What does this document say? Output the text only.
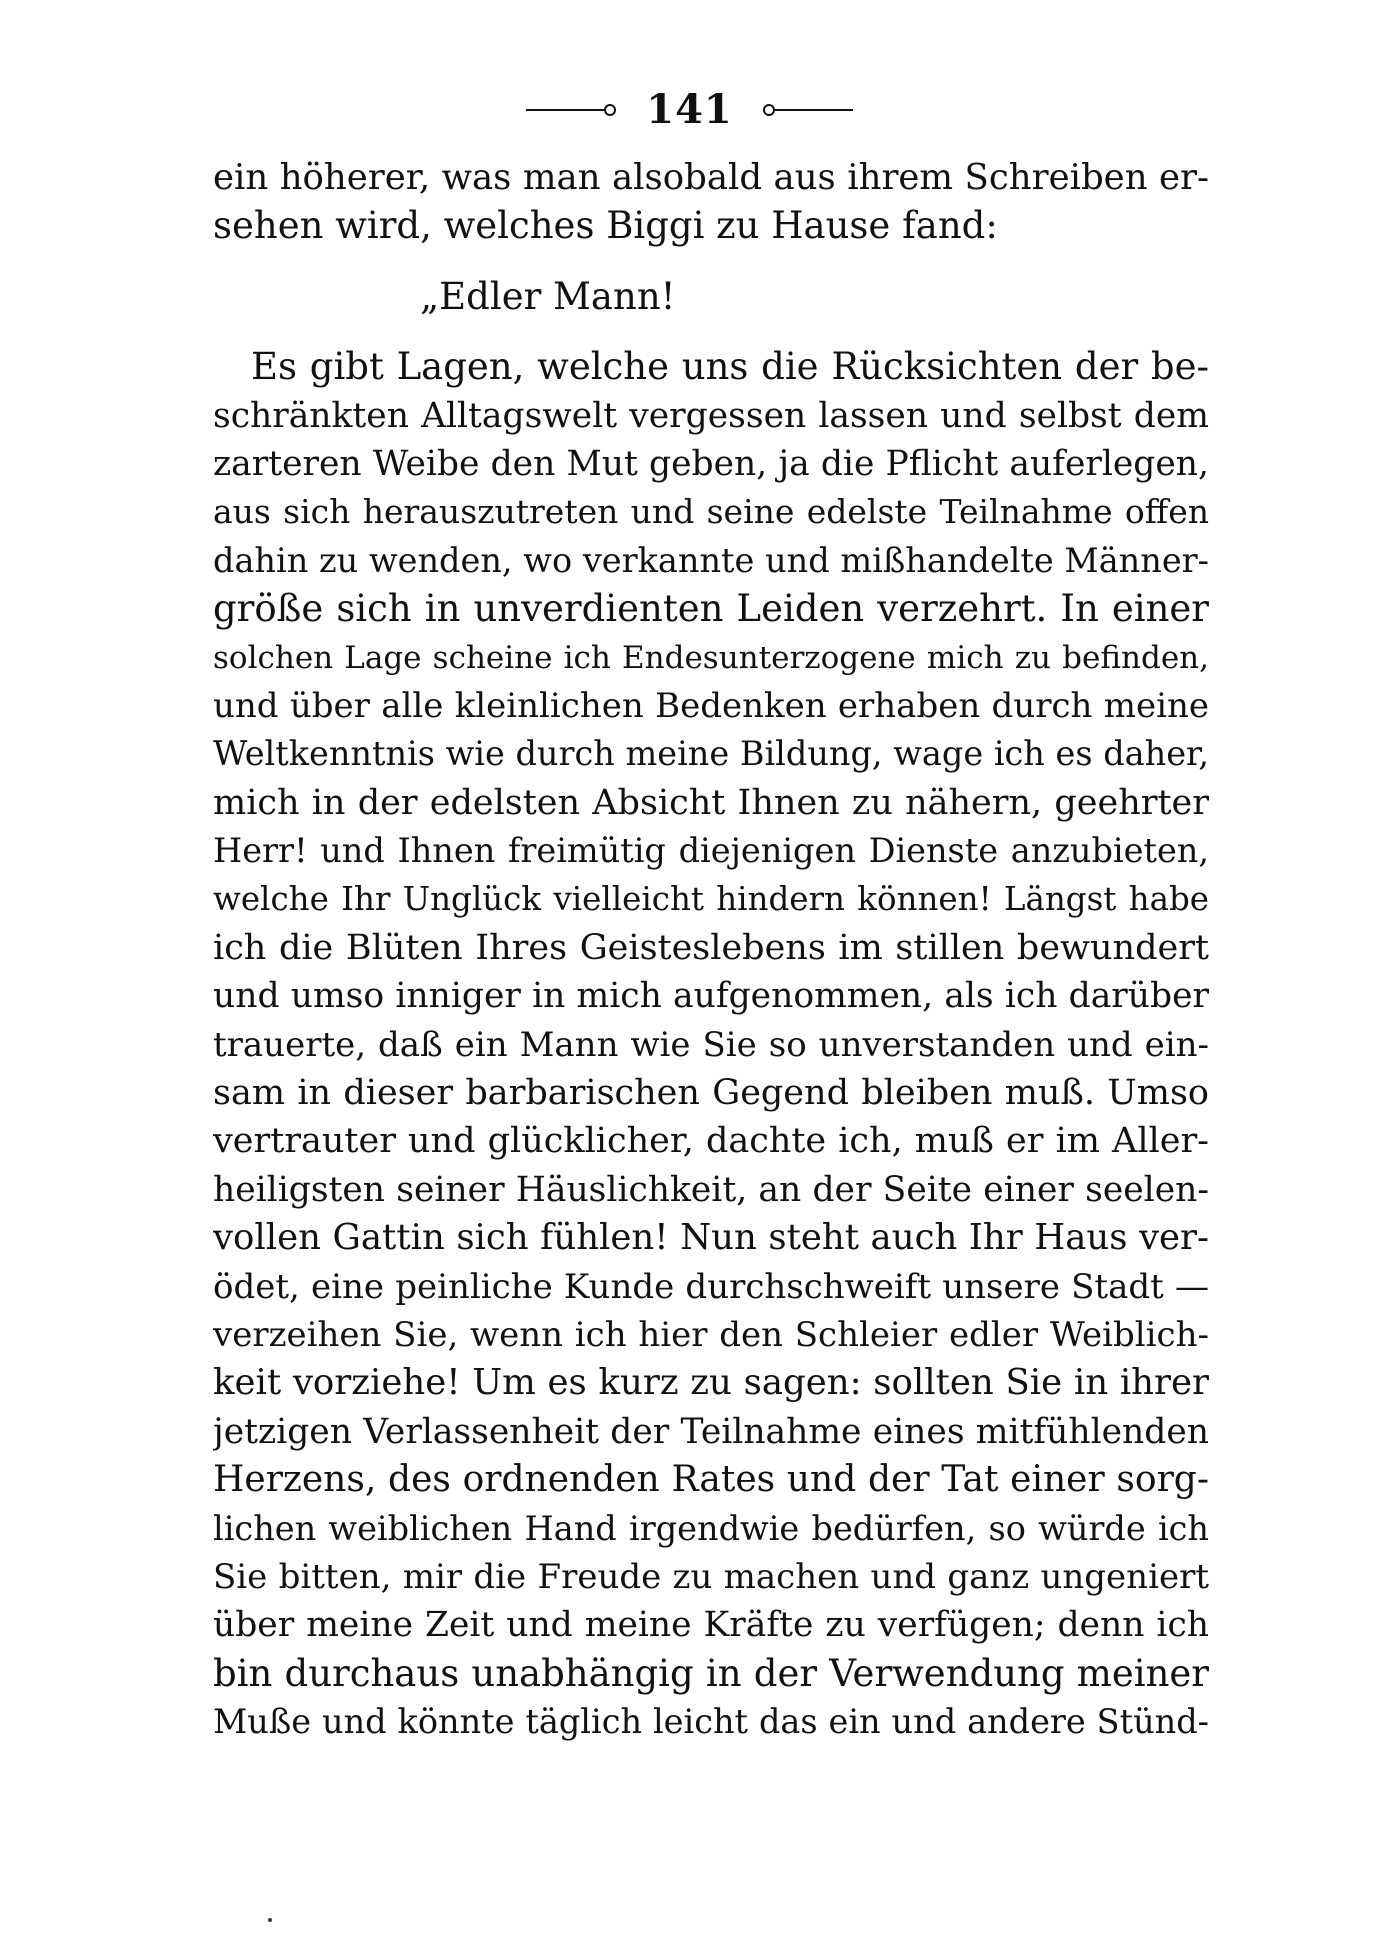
141
ein höherer, was man alsobald aus ihrem Schreiben er-
sehen wird, welches Biggi zu Hause fand:
„Edler Mann!
Es gibt Lagen, welche uns die Rücksichten der be-
schränkten Alltagswelt vergessen lassen und selbst dem
zarteren Weibe den Mut geben, ja die Pflicht auferlegen,
aus sich herauszutreten und seine edelste Teilnahme offen
dahin zu wenden, wo verkannte und mißhandelte Männer-
größe sich in unverdienten Leiden verzehrt. In einer
solchen Lage scheine ich Endesunterzogene mich zu befinden,
und über alle kleinlichen Bedenken erhaben durch meine
Weltkenntnis wie durch meine Bildung, wage ich es daher,
mich in der edelsten Absicht Ihnen zu nähern, geehrter
Herr! und Ihnen freimütig diejenigen Dienste anzubieten,
welche Ihr Unglück vielleicht hindern können! Längst habe
ich die Blüten Ihres Geisteslebens im stillen bewundert
und umso inniger in mich aufgenommen, als ich darüber
trauerte, daß ein Mann wie Sie so unverstanden und ein-
sam in dieser barbarischen Gegend bleiben muß. Umso
vertrauter und glücklicher, dachte ich, muß er im Aller-
heiligsten seiner Häuslichkeit, an der Seite einer seelen-
vollen Gattin sich fühlen! Nun steht auch Ihr Haus ver-
ödet, eine peinliche Kunde durchschweift unsere Stadt —
verzeihen Sie, wenn ich hier den Schleier edler Weiblich-
keit vorziehe! Um es kurz zu sagen: sollten Sie in ihrer
jetzigen Verlassenheit der Teilnahme eines mitfühlenden
Herzens, des ordnenden Rates und der Tat einer sorg-
lichen weiblichen Hand irgendwie bedürfen, so würde ich
Sie bitten, mir die Freude zu machen und ganz ungeniert
über meine Zeit und meine Kräfte zu verfügen; denn ich
bin durchaus unabhängig in der Verwendung meiner
Muße und könnte täglich leicht das ein und andere Stünd-
